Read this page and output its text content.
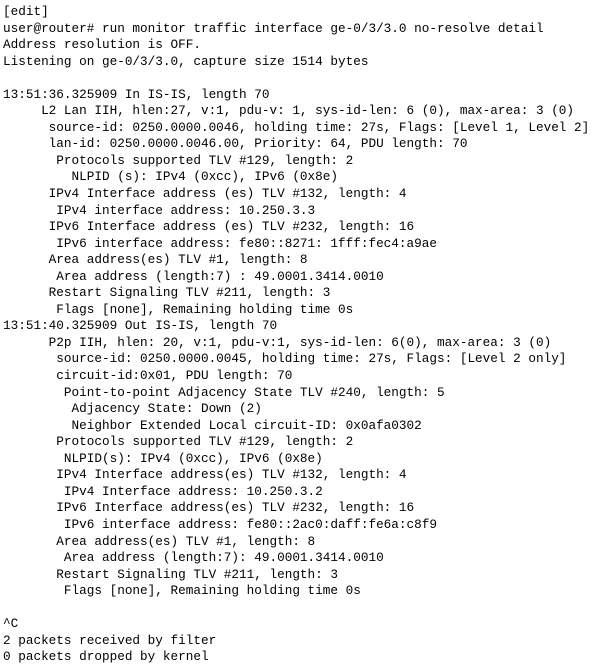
[edit]
user@router# run monitor traffic interface ge-0/3/3.0 no-resolve detail
Address resolution is OFF.
Listening on ge-0/3/3.0, capture size 1514 bytes
13:51:36.325909 In IS-IS, length 70
L2 Lan IIH, hlen:27, v:1, pdu-v: 1, sys-id-len: 6 (0), max-area: 3 (0)
source-id: 0250.0000.0046, holding time: 27s, Flags: [Level 1, Level 2]
lan-id: 0250.0000.0046.00, Priority: 64, PDU length: 70
Protocols supported TLV #129, length: 2
NLPID (s): IPv4 (0xcc), IPv6 (0x8e)
IPv4 Interface address (es) TLV #132, length: 4
IPv4 interface address: 10.250.3.3
IPv6 Interface address (es) TLV #232, length: 16
IPv6 interface address: fe80::8271: 1fff:fec4:a9ae
Area address(es) TLV #1, length: 8
Area address (length:7) : 49.0001.3414.0010
Restart Signaling TLV #211, length: 3
Flags [none], Remaining holding time 0s
13:51:40.325909 Out IS-IS, length 70
P2p IIH, hlen: 20, v:1, pdu-v:1, sys-id-len: 6(0), max-area: 3 (0)
source-id: 0250.0000.0045, holding time: 27s, Flags: [Level 2 only]
circuit-id:0x01, PDU length: 70
Point-to-point Adjacency State TLV #240, length: 5
Adjacency State: Down (2)
Neighbor Extended Local circuit-ID: 0x0afa0302
Protocols supported TLV #129, length: 2
NLPID(s): IPv4 (0xcc), IPv6 (0x8e)
IPv4 Interface address(es) TLV #132, length: 4
IPv4 Interface address: 10.250.3.2
IPv6 Interface address(es) TLV #232, length: 16
IPv6 interface address: fe80::2ac0:daff:fe6a:c8f9
Area address(es) TLV #1, length: 8
Area address (length:7): 49.0001.3414.0010
Restart Signaling TLV #211, length: 3
Flags [none], Remaining holding time 0s
^C
2 packets received by filter
0 packets dropped by kernel
